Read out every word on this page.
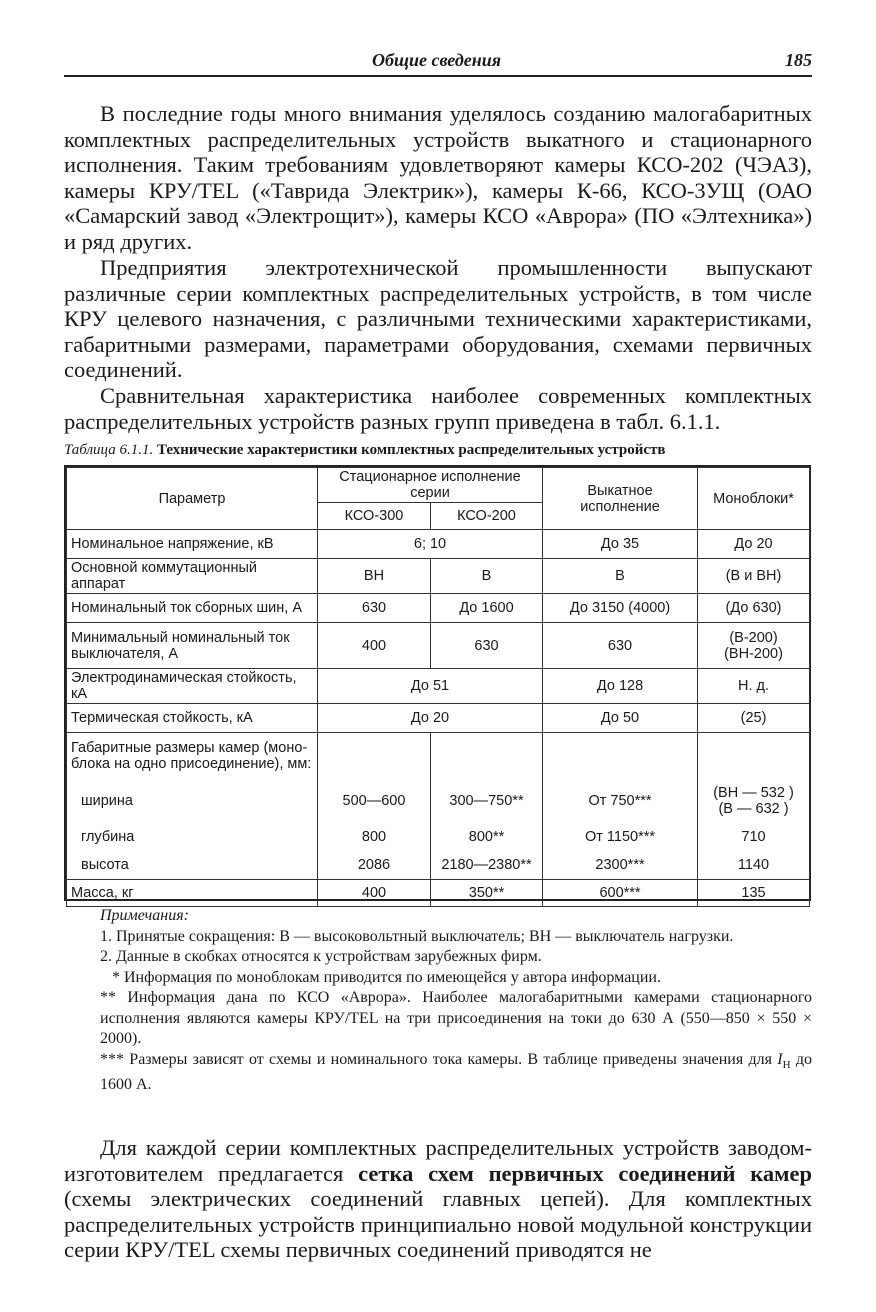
Общие сведения	185

В последние годы много внимания уделялось созданию малогабаритных комплектных распределительных устройств выкатного и стационарного исполнения. Таким требованиям удовлетворяют камеры КСО-202 (ЧЭАЗ), камеры КРУ/TEL («Таврида Электрик»), камеры К-66, КСО-3УЩ (ОАО «Самарский завод «Электрощит»), камеры КСО «Аврора» (ПО «Элтехника») и ряд других.

Предприятия электротехнической промышленности выпускают различные серии комплектных распределительных устройств, в том числе КРУ целевого назначения, с различными техническими характеристиками, габаритными размерами, параметрами оборудования, схемами первичных соединений.

Сравнительная характеристика наиболее современных комплектных распределительных устройств разных групп приведена в табл. 6.1.1.

Таблица 6.1.1. Технические характеристики комплектных распределительных устройств
Параметр	Стационарное исполнение серии		Выкатное исполнение	Моноблоки*
	КСО-300	КСО-200		
Номинальное напряжение, кВ	6; 10		До 35	До 20
Основной коммутационный аппарат	ВН	В	В	(В и ВН)
Номинальный ток сборных шин, А	630	До 1600	До 3150 (4000)	(До 630)
Минимальный номинальный ток
выключателя, А	400	630	630	(В-200)
(ВН-200)
Электродинамическая стойкость, кА	До 51		До 128	Н. д.
Термическая стойкость, кА	До 20		До 50	(25)
Габаритные размеры камер (моно-
блока на одно присоединение), мм:				
ширина	500—600	300—750**	От 750***	(ВН — 532 )
(В — 632 )
глубина	800	800**	От 1150***	710
высота	2086	2180—2380**	2300***	1140
Масса, кг	400	350**	600***	135

Примечания:

1. Принятые сокращения: В — высоковольтный выключатель; ВН — выключатель нагрузки.

2. Данные в скобках относятся к устройствам зарубежных фирм.

* Информация по моноблокам приводится по имеющейся у автора информации.

** Информация дана по КСО «Аврора». Наиболее малогабаритными камерами стационарного исполнения являются камеры КРУ/TEL на три присоединения на токи до 630 А (550—850 × 550 × 2000).

*** Размеры зависят от схемы и номинального тока камеры. В таблице приведены значения для $I_Н$ до 1600 А.

Для каждой серии комплектных распределительных устройств заводом-изготовителем предлагается сетка схем первичных соединений камер (схемы электрических соединений главных цепей). Для комплектных распределительных устройств принципиально новой модульной конструкции серии КРУ/TEL схемы первичных соединений приводятся не
